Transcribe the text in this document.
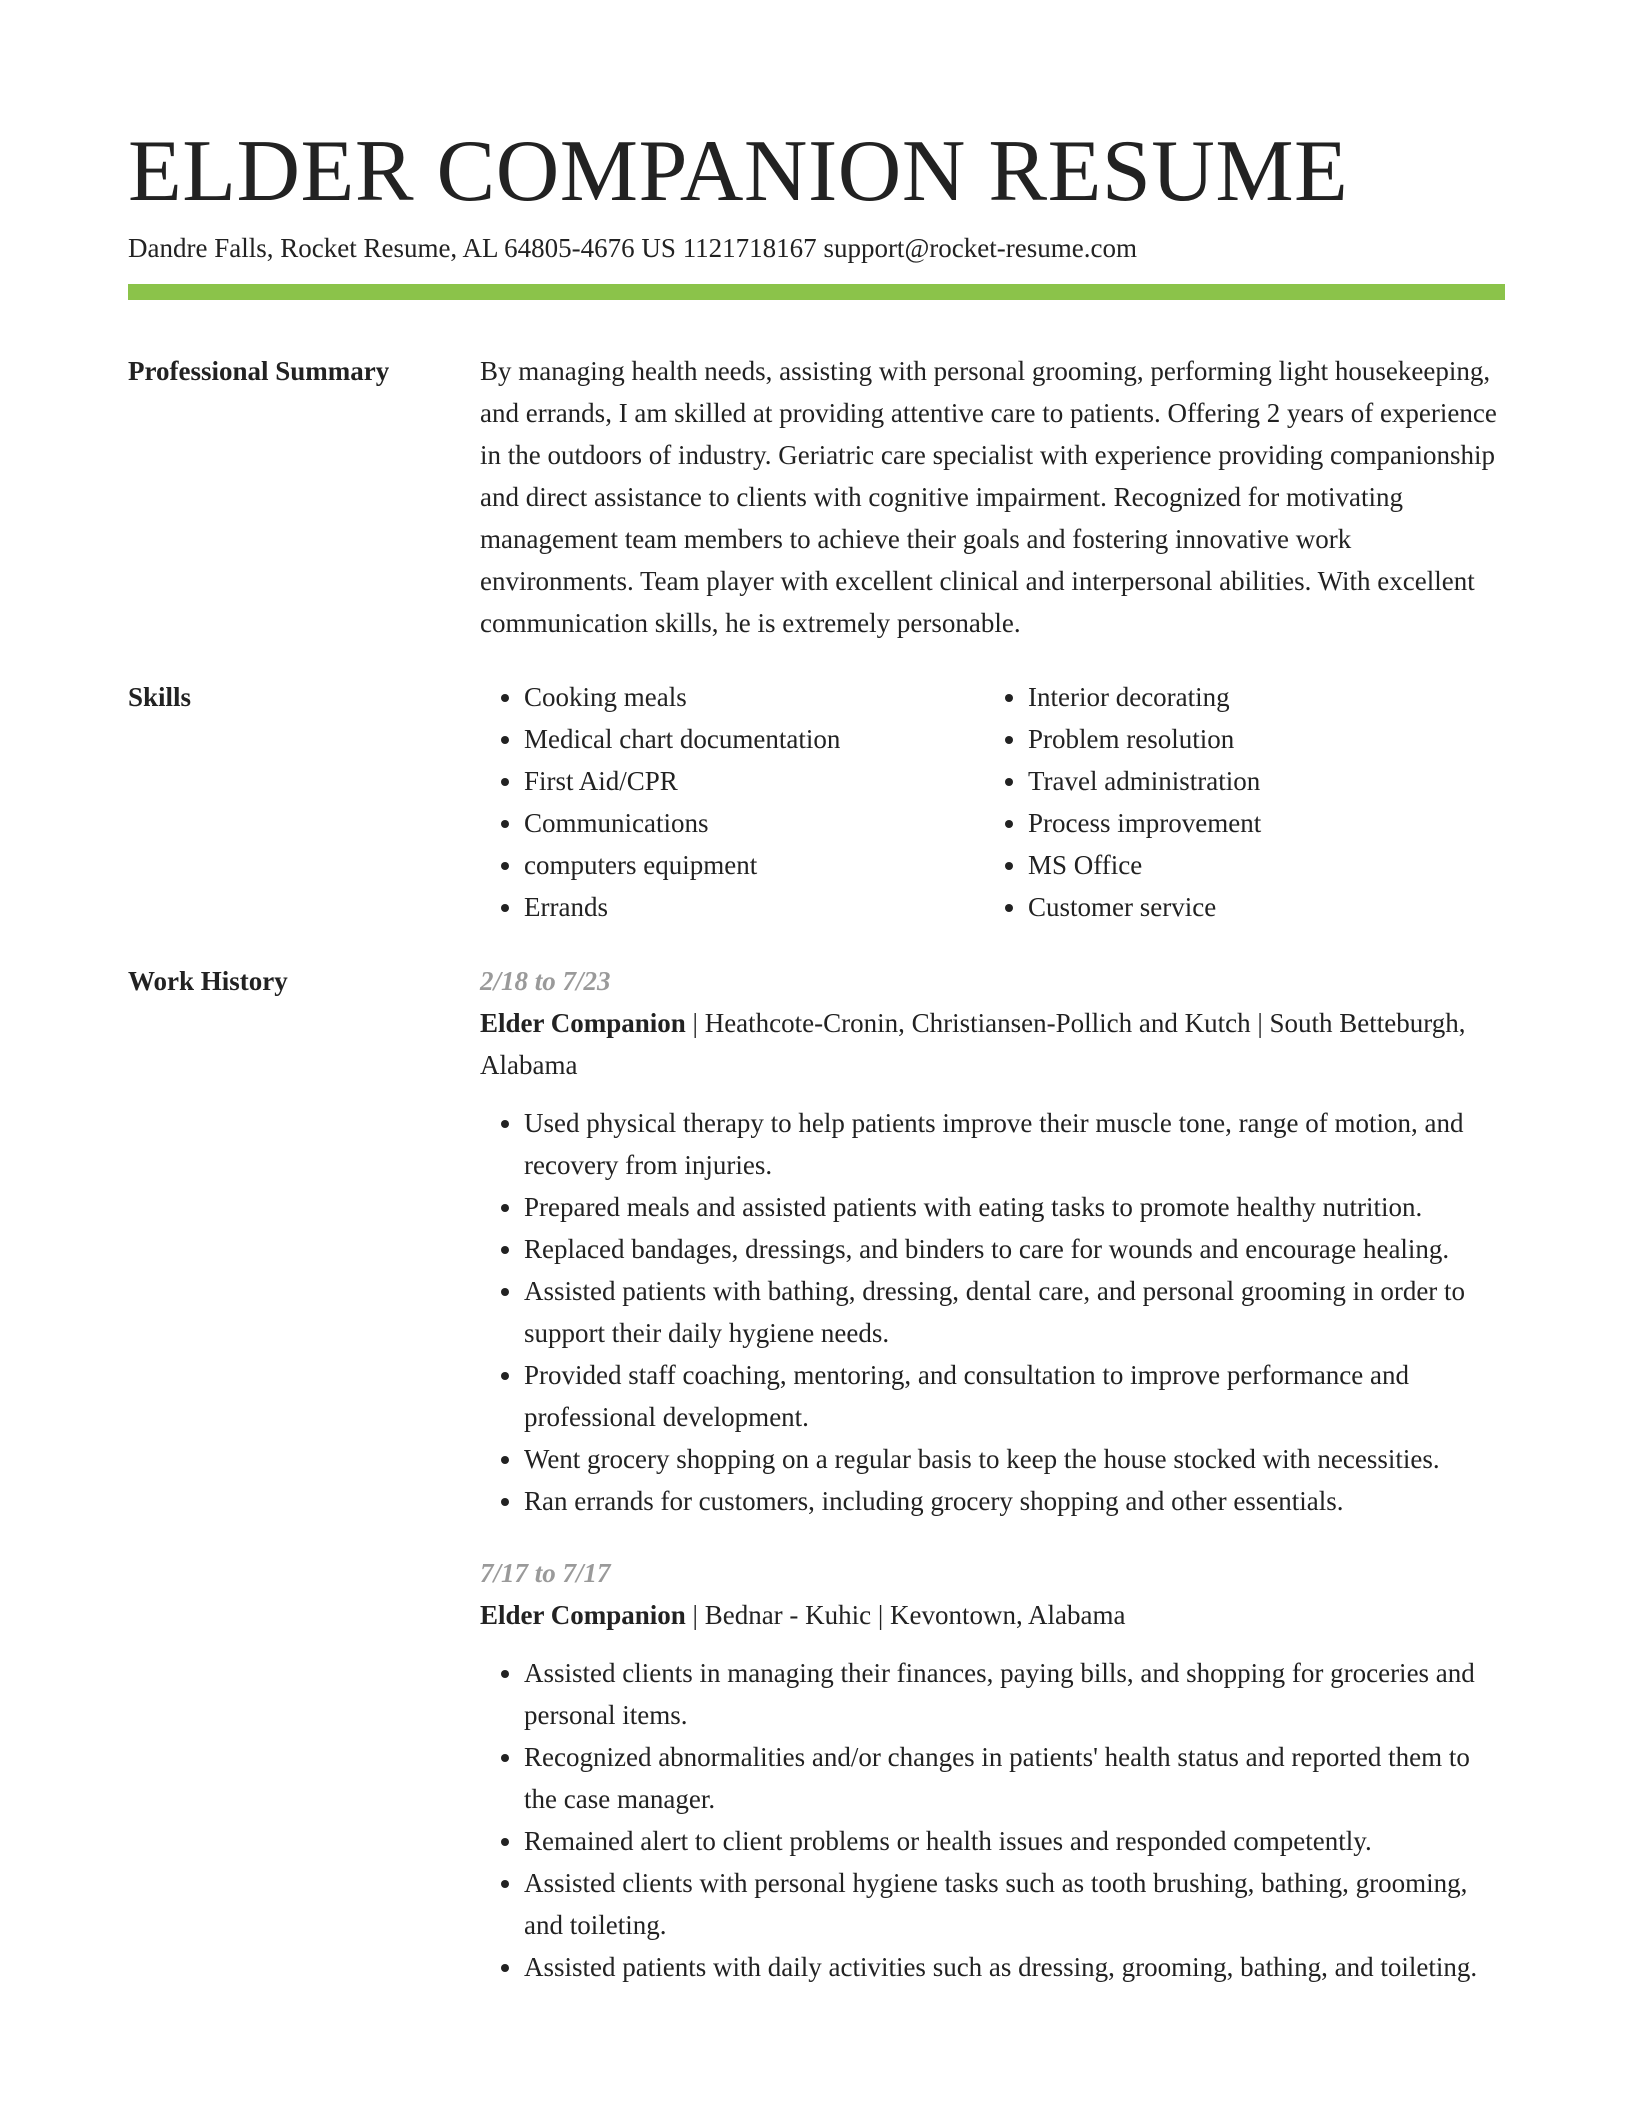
ELDER COMPANION RESUME
Dandre Falls, Rocket Resume, AL 64805-4676 US 1121718167 support@rocket-resume.com
Professional Summary	By managing health needs, assisting with personal grooming, performing light housekeeping, and errands, I am skilled at providing attentive care to patients. Offering 2 years of experience in the outdoors of industry. Geriatric care specialist with experience providing companionship and direct assistance to clients with cognitive impairment. Recognized for motivating management team members to achieve their goals and fostering innovative work environments. Team player with excellent clinical and interpersonal abilities. With excellent communication skills, he is extremely personable.

Skills
•	Cooking meals
• Medical chart documentation
• First Aid/CPR
• Communications
• computers equipment
• Errands
• Interior decorating
• Problem resolution
• Travel administration
• Process improvement
• MS Office
• Customer service
Work History	2/18 to 7/23
Elder Companion | Heathcote-Cronin, Christiansen-Pollich and Kutch | South Betteburgh, Alabama
• Used physical therapy to help patients improve their muscle tone, range of motion, and recovery from injuries.
• Prepared meals and assisted patients with eating tasks to promote healthy nutrition.
• Replaced bandages, dressings, and binders to care for wounds and encourage healing.
• Assisted patients with bathing, dressing, dental care, and personal grooming in order to support their daily hygiene needs.
• Provided staff coaching, mentoring, and consultation to improve performance and professional development.
• Went grocery shopping on a regular basis to keep the house stocked with necessities.
• Ran errands for customers, including grocery shopping and other essentials.
7/17 to 7/17
Elder Companion | Bednar - Kuhic | Kevontown, Alabama
• Assisted clients in managing their finances, paying bills, and shopping for groceries and personal items.
• Recognized abnormalities and/or changes in patients' health status and reported them to the case manager.
• Remained alert to client problems or health issues and responded competently.
• Assisted clients with personal hygiene tasks such as tooth brushing, bathing, grooming, and toileting.
• Assisted patients with daily activities such as dressing, grooming, bathing, and toileting.
